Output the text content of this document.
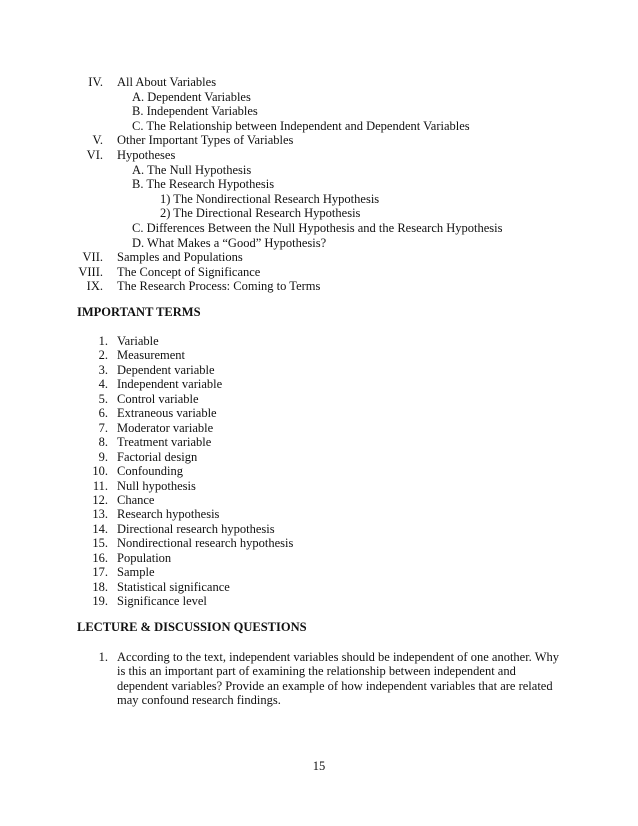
IV. All About Variables
A. Dependent Variables
B. Independent Variables
C. The Relationship between Independent and Dependent Variables
V. Other Important Types of Variables
VI. Hypotheses
A. The Null Hypothesis
B. The Research Hypothesis
1) The Nondirectional Research Hypothesis
2) The Directional Research Hypothesis
C. Differences Between the Null Hypothesis and the Research Hypothesis
D. What Makes a “Good” Hypothesis?
VII. Samples and Populations
VIII. The Concept of Significance
IX. The Research Process: Coming to Terms
IMPORTANT TERMS
1. Variable
2. Measurement
3. Dependent variable
4. Independent variable
5. Control variable
6. Extraneous variable
7. Moderator variable
8. Treatment variable
9. Factorial design
10. Confounding
11. Null hypothesis
12. Chance
13. Research hypothesis
14. Directional research hypothesis
15. Nondirectional research hypothesis
16. Population
17. Sample
18. Statistical significance
19. Significance level
LECTURE & DISCUSSION QUESTIONS
1. According to the text, independent variables should be independent of one another. Why is this an important part of examining the relationship between independent and dependent variables? Provide an example of how independent variables that are related may confound research findings.
15
